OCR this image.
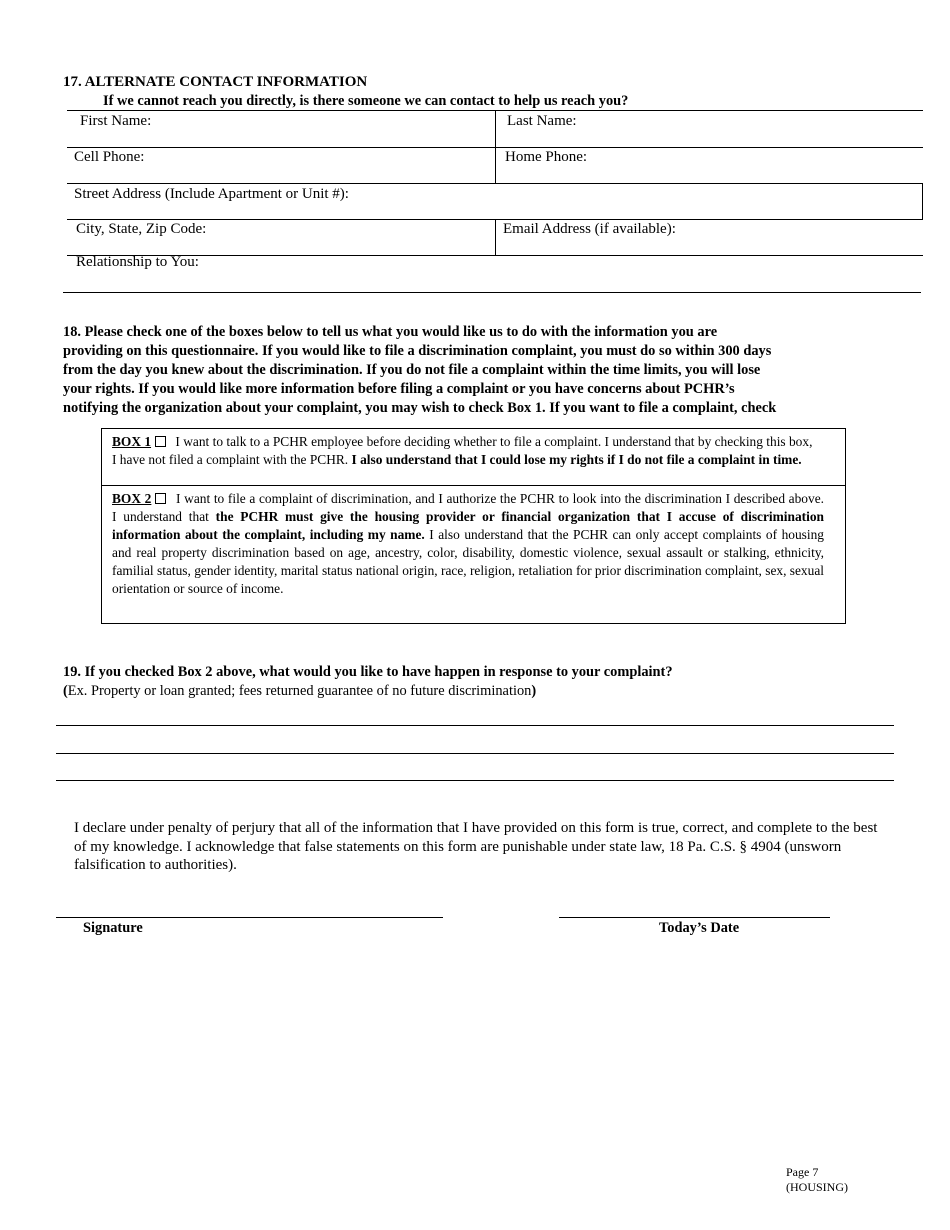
17. ALTERNATE CONTACT INFORMATION
If we cannot reach you directly, is there someone we can contact to help us reach you?
First Name:	Last Name:
Cell Phone:	Home Phone:
Street Address (Include Apartment or Unit #):
City, State, Zip Code:	Email Address (if available):
Relationship to You:
18. Please check one of the boxes below to tell us what you would like us to do with the information you are
providing on this questionnaire. If you would like to file a discrimination complaint, you must do so within 300 days
from the day you knew about the discrimination. If you do not file a complaint within the time limits, you will lose
your rights. If you would like more information before filing a complaint or you have concerns about PCHR’s
notifying the organization about your complaint, you may wish to check Box 1. If you want to file a complaint, check
BOX 1 I want to talk to a PCHR employee before deciding whether to file a complaint. I understand that by checking this box, I have not filed a complaint with the PCHR. I also understand that I could lose my rights if I do not file a complaint in time.
BOX 2 I want to file a complaint of discrimination, and I authorize the PCHR to look into the discrimination I described above. I understand that the PCHR must give the housing provider or financial organization that I accuse of discrimination information about the complaint, including my name. I also understand that the PCHR can only accept complaints of housing and real property discrimination based on age, ancestry, color, disability, domestic violence, sexual assault or stalking, ethnicity, familial status, gender identity, marital status national origin, race, religion, retaliation for prior discrimination complaint, sex, sexual orientation or source of income.
19. If you checked Box 2 above, what would you like to have happen in response to your complaint? (Ex. Property or loan granted; fees returned guarantee of no future discrimination)
I declare under penalty of perjury that all of the information that I have provided on this form is true, correct, and complete to the best of my knowledge. I acknowledge that false statements on this form are punishable under state law, 18 Pa. C.S. § 4904 (unsworn falsification to authorities).
Signature	Today’s Date
Page 7
(HOUSING)
